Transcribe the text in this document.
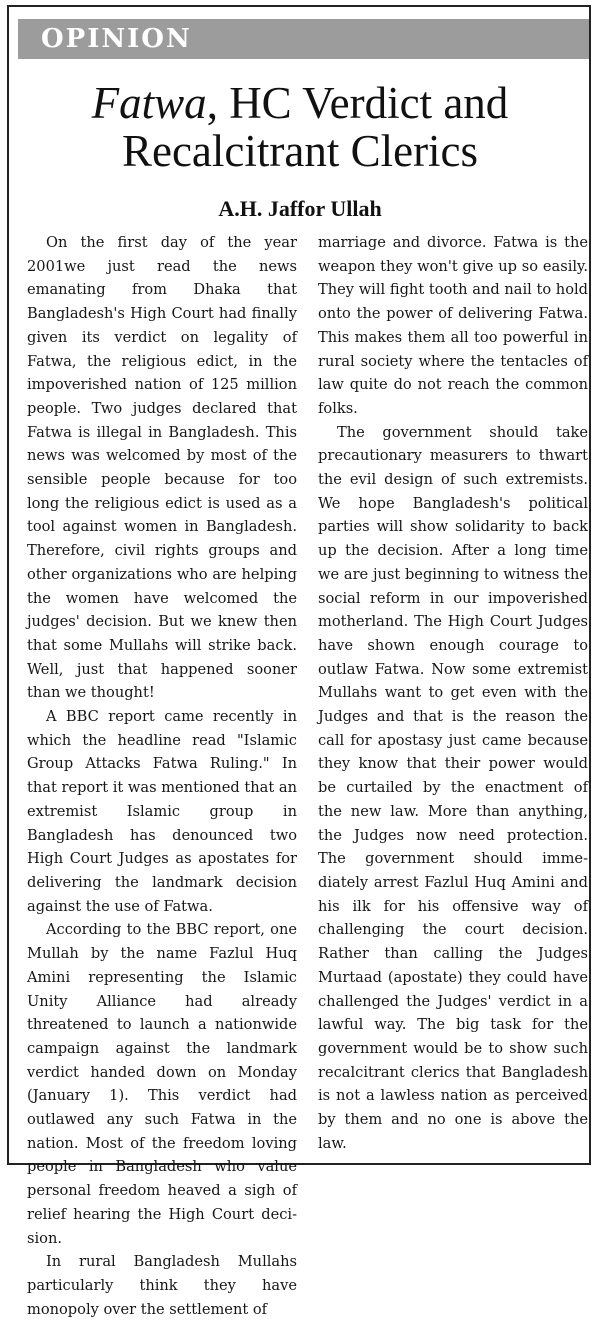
OPINION
Fatwa, HC Verdict and
Recalcitrant Clerics
A.H. Jaffor Ullah

On the first day of the year 2001we just read the news emanating from Dhaka that Bangladesh's High Court had finally given its verdict on legality of Fatwa, the religious edict, in the impoverished nation of 125 million people. Two judges declared that Fatwa is illegal in Bangladesh. This news was welcomed by most of the sensible people because for too long the religious edict is used as a tool against women in Bangladesh. Therefore, civil rights groups and other organizations who are helping the women have welcomed the judges' decision. But we knew then that some Mullahs will strike back. Well, just that happened sooner than we thought!

A BBC report came recently in which the headline read "Islamic Group Attacks Fatwa Ruling." In that report it was mentioned that an extremist Islamic group in Bangladesh has denounced two High Court Judges as apostates for delivering the landmark decision against the use of Fatwa.

According to the BBC report, one Mullah by the name Fazlul Huq Amini representing the Islamic Unity Alliance had already threatened to launch a nationwide campaign against the landmark verdict handed down on Monday (January 1). This verdict had outlawed any such Fatwa in the nation. Most of the freedom loving people in Bangladesh who value personal freedom heaved a sigh of relief hearing the High Court decision.

In rural Bangladesh Mullahs particularly think they have monopoly over the settlement of

marriage and divorce. Fatwa is the weapon they won't give up so easily. They will fight tooth and nail to hold onto the power of delivering Fatwa. This makes them all too powerful in rural society where the tentacles of law quite do not reach the common folks.

The government should take precautionary measurers to thwart the evil design of such extremists. We hope Bangladesh's political parties will show solidarity to back up the decision. After a long time we are just beginning to witness the social reform in our impoverished motherland. The High Court Judges have shown enough courage to outlaw Fatwa. Now some extremist Mullahs want to get even with the Judges and that is the reason the call for apostasy just came because they know that their power would be curtailed by the enactment of the new law. More than anything, the Judges now need protection. The government should immediately arrest Fazlul Huq Amini and his ilk for his offensive way of challenging the court decision. Rather than calling the Judges Murtaad (apostate) they could have challenged the Judges' verdict in a lawful way. The big task for the government would be to show such recalcitrant clerics that Bangladesh is not a lawless nation as perceived by them and no one is above the law.
